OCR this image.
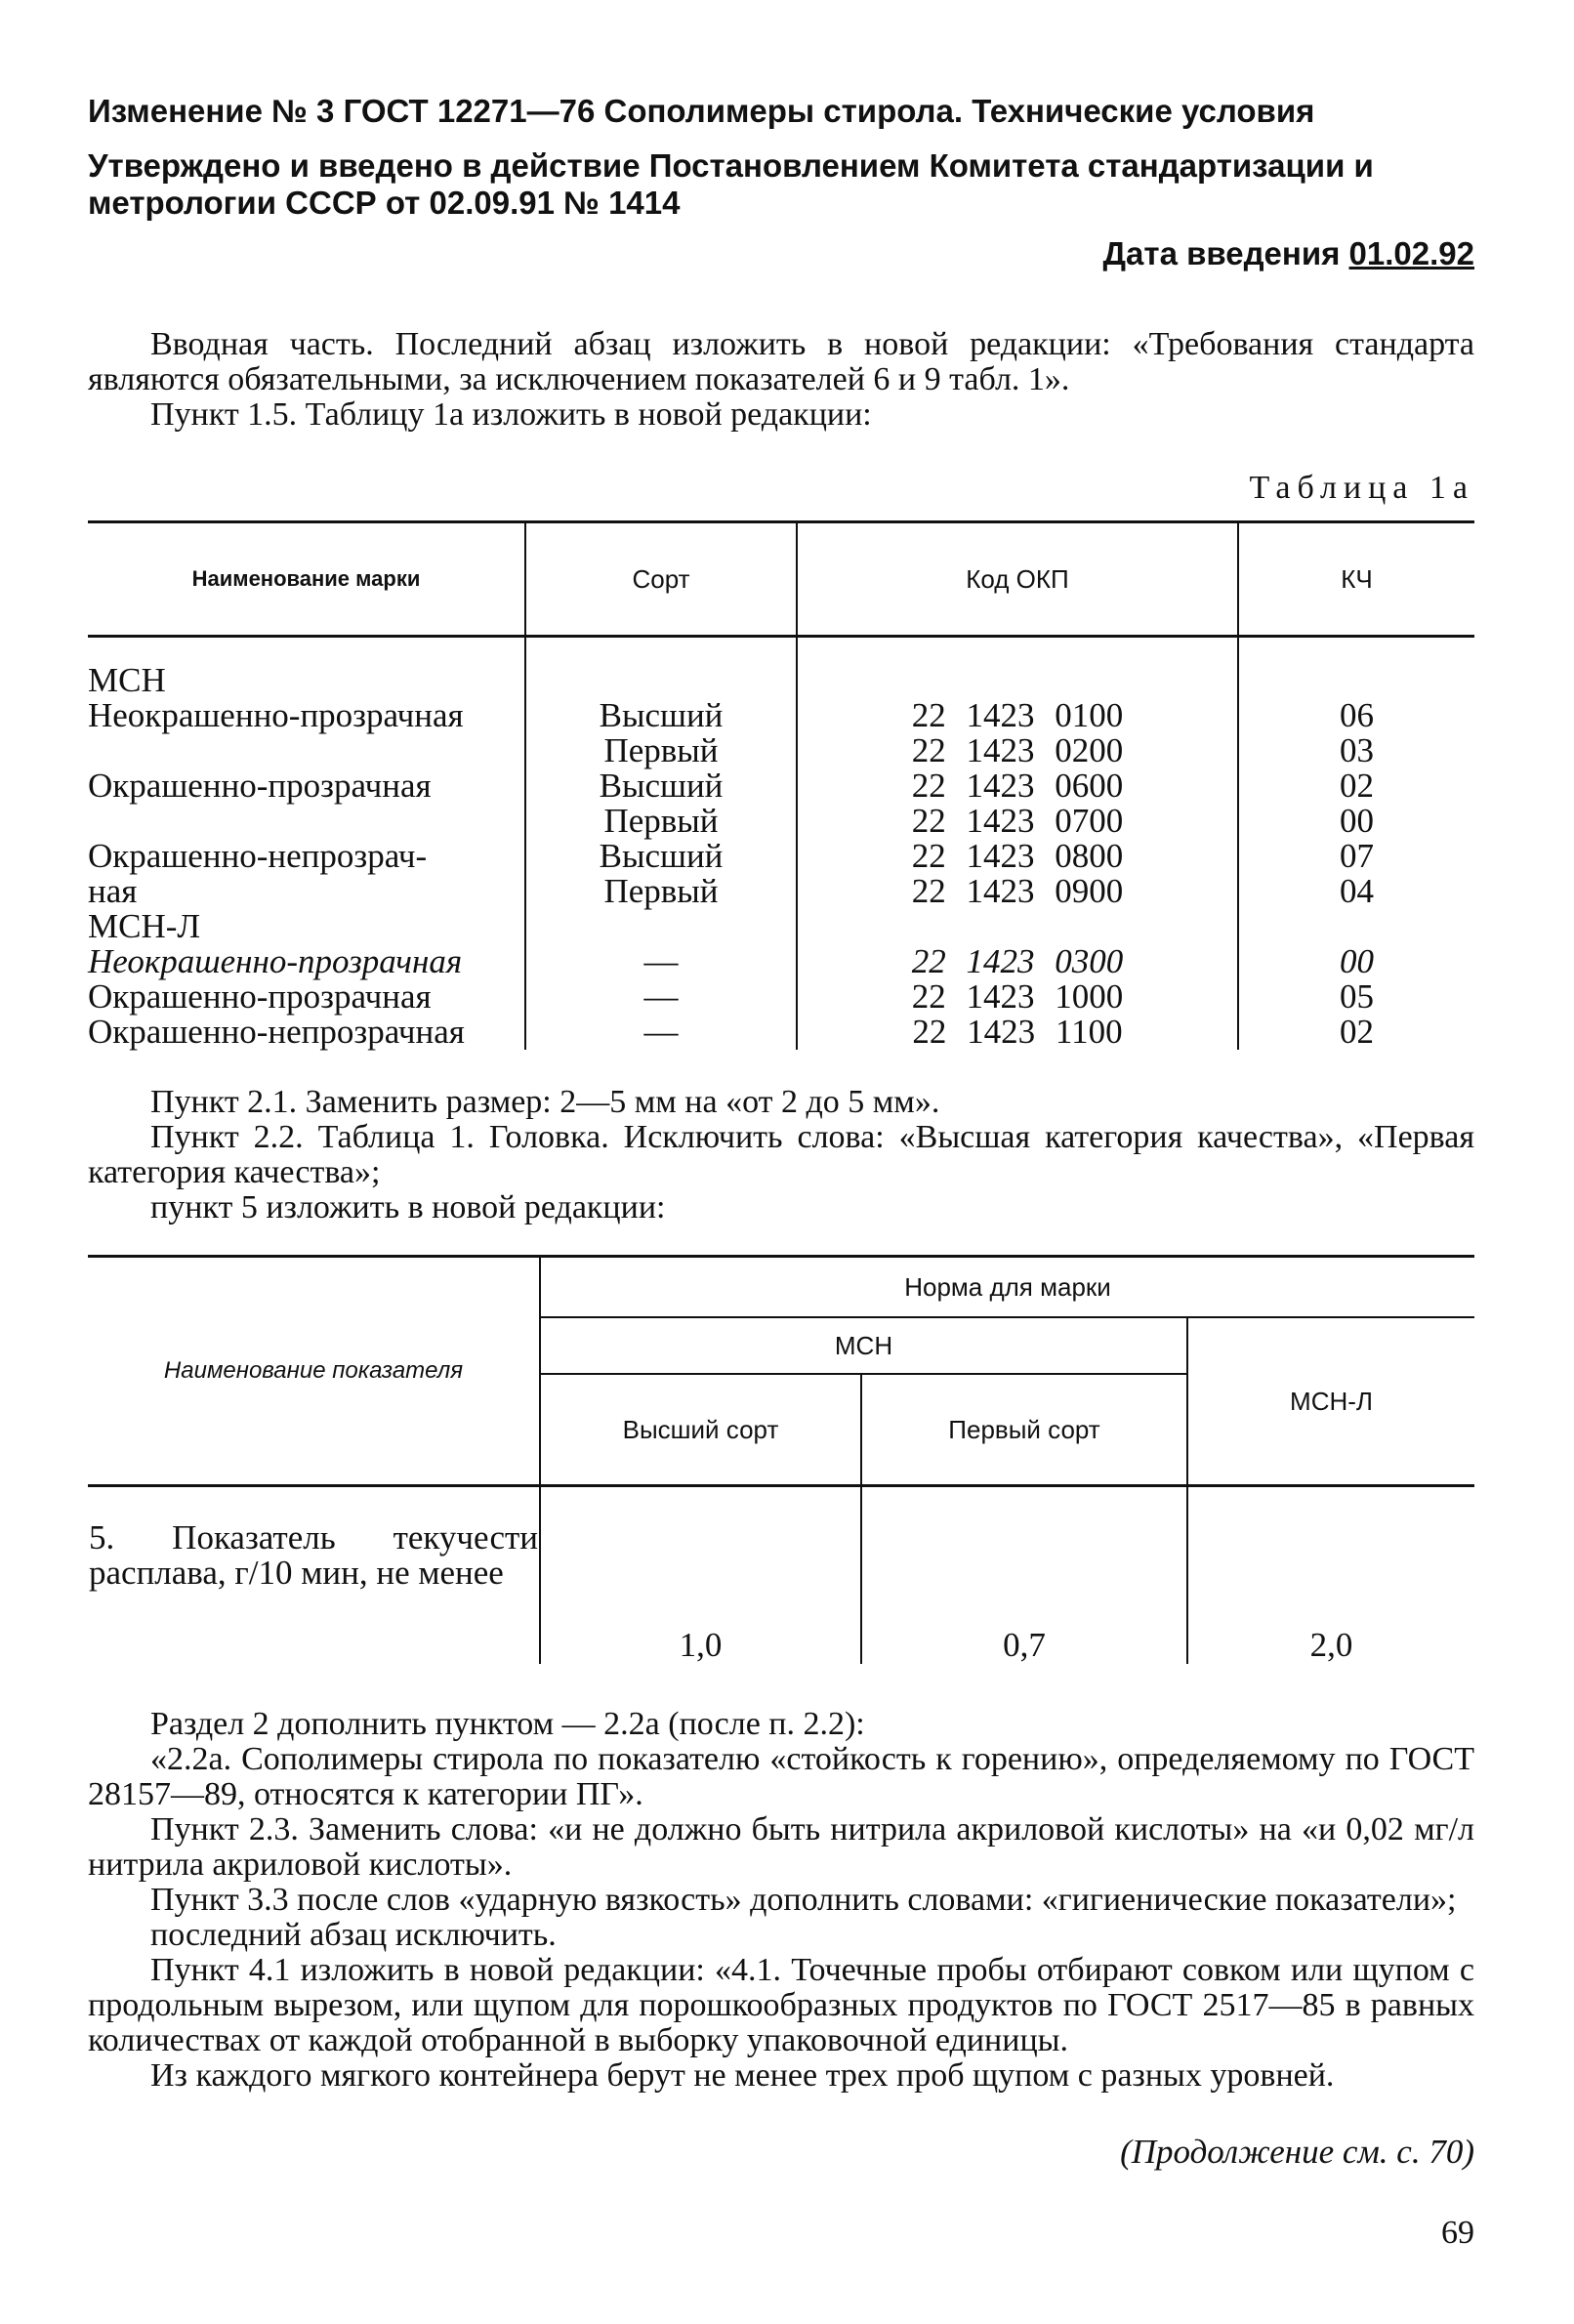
Изменение № 3 ГОСТ 12271—76 Сополимеры стирола. Технические условия

Утверждено и введено в действие Постановлением Комитета стандартизации и метрологии СССР от 02.09.91 № 1414

Дата введения 01.02.92

Вводная часть. Последний абзац изложить в новой редакции: «Требования стандарта являются обязательными, за исключением показателей 6 и 9 табл. 1».

Пункт 1.5. Таблицу 1а изложить в новой редакции:

Таблица 1а
Наименование марки	Сорт	Код ОКП	КЧ
МСН			
Неокрашенно-прозрачная	Высший	22 1423 0100	06
	Первый	22 1423 0200	03
Окрашенно-прозрачная	Высший	22 1423 0600	02
	Первый	22 1423 0700	00
Окрашенно-непрозрач-	Высший	22 1423 0800	07
ная	Первый	22 1423 0900	04
МСН-Л			
Неокрашенно-прозрачная	—	22 1423 0300	00
Окрашенно-прозрачная	—	22 1423 1000	05
Окрашенно-непрозрачная	—	22 1423 1100	02

Пункт 2.1. Заменить размер: 2—5 мм на «от 2 до 5 мм».

Пункт 2.2. Таблица 1. Головка. Исключить слова: «Высшая категория качества», «Первая категория качества»;

пункт 5 изложить в новой редакции:

Наименование показателя	Норма для марки		
	МСН		МСН-Л
	Высший сорт	Первый сорт	
5. Показатель текучести расплава, г/10 мин, не менее	1,0	0,7	2,0

Раздел 2 дополнить пунктом — 2.2а (после п. 2.2):

«2.2а. Сополимеры стирола по показателю «стойкость к горению», определяемому по ГОСТ 28157—89, относятся к категории ПГ».

Пункт 2.3. Заменить слова: «и не должно быть нитрила акриловой кислоты» на «и 0,02 мг/л нитрила акриловой кислоты».

Пункт 3.3 после слов «ударную вязкость» дополнить словами: «гигиенические показатели»;

последний абзац исключить.

Пункт 4.1 изложить в новой редакции: «4.1. Точечные пробы отбирают совком или щупом с продольным вырезом, или щупом для порошкообразных продуктов по ГОСТ 2517—85 в равных количествах от каждой отобранной в выборку упаковочной единицы.

Из каждого мягкого контейнера берут не менее трех проб щупом с разных уровней.

(Продолжение см. с. 70)
69
